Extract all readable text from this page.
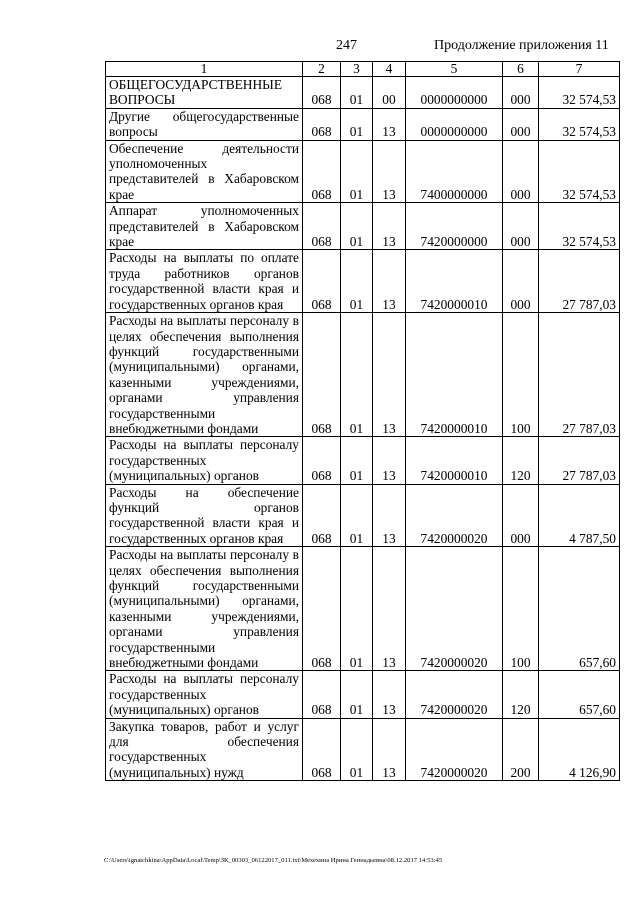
247	Продолжение приложения 11
1	2	3	4	5	6	7
ОБЩЕГОСУДАРСТВЕННЫЕ ВОПРОСЫ	068	01	00	0000000000	000	32 574,53
Другие общегосударственные вопросы	068	01	13	0000000000	000	32 574,53
Обеспечение деятельности уполномоченных представителей в Хабаровском крае	068	01	13	7400000000	000	32 574,53
Аппарат уполномоченных представителей в Хабаровском крае	068	01	13	7420000000	000	32 574,53
Расходы на выплаты по оплате труда работников органов государственной власти края и государственных органов края	068	01	13	7420000010	000	27 787,03
Расходы на выплаты персоналу в целях обеспечения выполнения функций государственными (муниципальными) органами, казенными учреждениями, органами управления государственными внебюджетными фондами	068	01	13	7420000010	100	27 787,03
Расходы на выплаты персоналу государственных (муниципальных) органов	068	01	13	7420000010	120	27 787,03
Расходы на обеспечение функций органов государственной власти края и государственных органов края	068	01	13	7420000020	000	4 787,50
Расходы на выплаты персоналу в целях обеспечения выполнения функций государственными (муниципальными) органами, казенными учреждениями, органами управления государственными внебюджетными фондами	068	01	13	7420000020	100	657,60
Расходы на выплаты персоналу государственных (муниципальных) органов	068	01	13	7420000020	120	657,60
Закупка товаров, работ и услуг для обеспечения государственных (муниципальных) нужд	068	01	13	7420000020	200	4 126,90
C:\Users\ignatchkina\AppData\Local\Temp\ЗК_00303_06122017_011.txt\Мехехина Ирина Геннадьевна\08.12.2017 14:53:45
